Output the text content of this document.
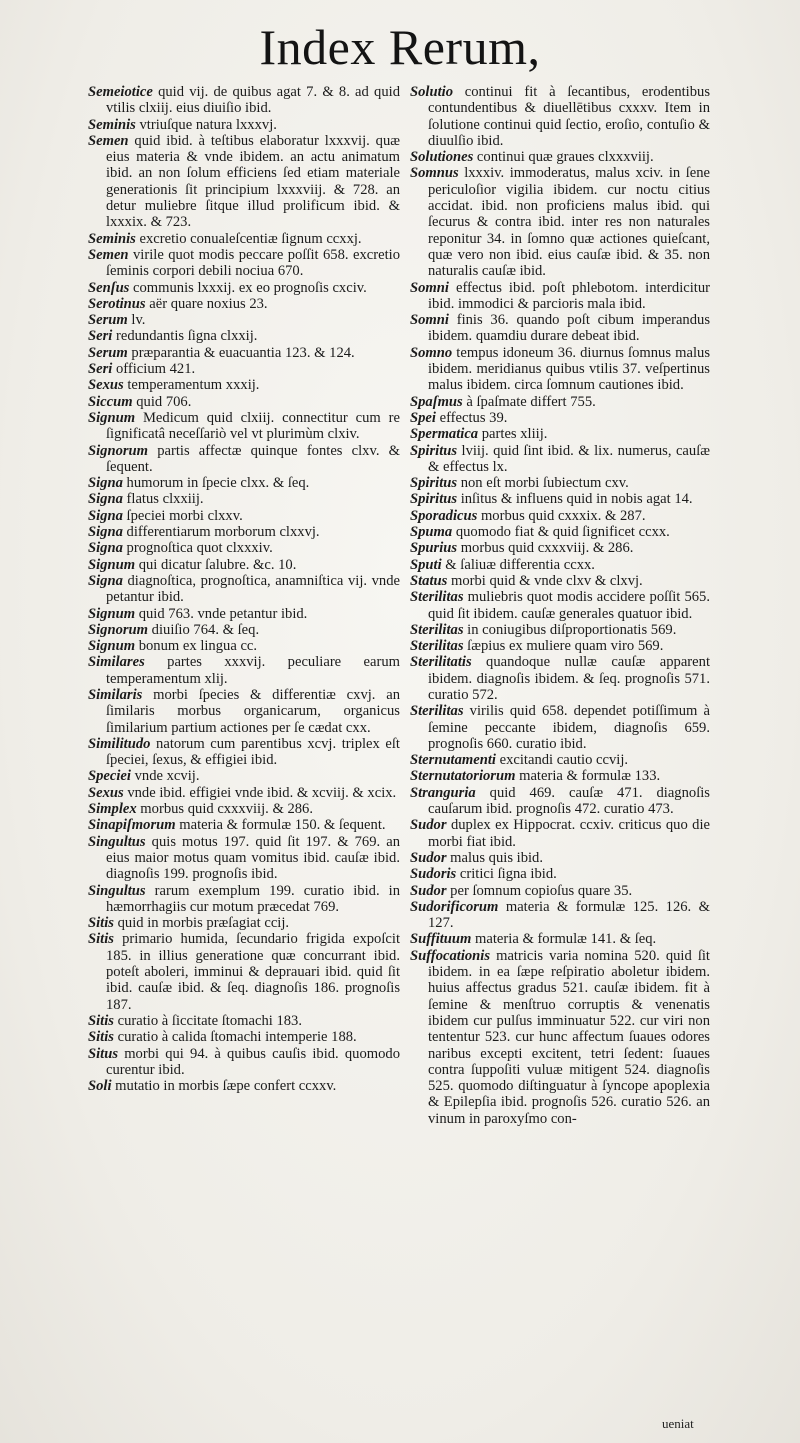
Index Rerum,

Semeiotice quid vij. de quibus agat 7. & 8. ad quid vtilis clxiij. eius diuiſio ibid.

Seminis vtriuſque natura lxxxvj.

Semen quid ibid. à teſtibus elaboratur lxxxvij. quæ eius materia & vnde ibidem. an actu animatum ibid. an non ſolum efficiens ſed etiam materiale generationis ſit principium lxxxviij. & 728. an detur muliebre ſitque illud prolificum ibid. & lxxxix. & 723.

Seminis excretio conualeſcentiæ ſignum ccxxj.

Semen virile quot modis peccare poſſit 658. excretio ſeminis corpori debili nociua 670.

Senſus communis lxxxij. ex eo prognoſis cxciv.

Serotinus aër quare noxius 23.

Serum lv.

Seri redundantis ſigna clxxij.

Serum præparantia & euacuantia 123. & 124.

Seri officium 421.

Sexus temperamentum xxxij.

Siccum quid 706.

Signum Medicum quid clxiij. connectitur cum re ſignificatâ neceſſariò vel vt plurimùm clxiv.

Signorum partis affectæ quinque fontes clxv. & ſequent.

Signa humorum in ſpecie clxx. & ſeq.

Signa flatus clxxiij.

Signa ſpeciei morbi clxxv.

Signa differentiarum morborum clxxvj.

Signa prognoſtica quot clxxxiv.

Signum qui dicatur ſalubre. &c. 10.

Signa diagnoſtica, prognoſtica, anamniſtica vij. vnde petantur ibid.

Signum quid 763. vnde petantur ibid.

Signorum diuiſio 764. & ſeq.

Signum bonum ex lingua cc.

Similares partes xxxvij. peculiare earum temperamentum xlij.

Similaris morbi ſpecies & differentiæ cxvj. an ſimilaris morbus organicarum, organicus ſimilarium partium actiones per ſe cædat cxx.

Similitudo natorum cum parentibus xcvj. triplex eſt ſpeciei, ſexus, & effigiei ibid.

Speciei vnde xcvij.

Sexus vnde ibid. effigiei vnde ibid. & xcviij. & xcix.

Simplex morbus quid cxxxviij. & 286.

Sinapiſmorum materia & formulæ 150. & ſequent.

Singultus quis motus 197. quid ſit 197. & 769. an eius maior motus quam vomitus ibid. cauſæ ibid. diagnoſis 199. prognoſis ibid.

Singultus rarum exemplum 199. curatio ibid. in hæmorrhagiis cur motum præcedat 769.

Sitis quid in morbis præſagiat ccij.

Sitis primario humida, ſecundario frigida expoſcit 185. in illius generatione quæ concurrant ibid. poteſt aboleri, imminui & deprauari ibid. quid ſit ibid. cauſæ ibid. & ſeq. diagnoſis 186. prognoſis 187.

Sitis curatio à ſiccitate ſtomachi 183.

Sitis curatio à calida ſtomachi intemperie 188.

Situs morbi qui 94. à quibus cauſis ibid. quomodo curentur ibid.

Soli mutatio in morbis ſæpe confert ccxxv.

Solutio continui fit à ſecantibus, erodentibus contundentibus & diuellētibus cxxxv. Item in ſolutione continui quid ſectio, eroſio, contuſio & diuulſio ibid.

Solutiones continui quæ graues clxxxviij.

Somnus lxxxiv. immoderatus, malus xciv. in ſene periculoſior vigilia ibidem. cur noctu citius accidat. ibid. non proficiens malus ibid. qui ſecurus & contra ibid. inter res non naturales reponitur 34. in ſomno quæ actiones quieſcant, quæ vero non ibid. eius cauſæ ibid. & 35. non naturalis cauſæ ibid.

Somni effectus ibid. poſt phlebotom. interdicitur ibid. immodici & parcioris mala ibid.

Somni finis 36. quando poſt cibum imperandus ibidem. quamdiu durare debeat ibid.

Somno tempus idoneum 36. diurnus ſomnus malus ibidem. meridianus quibus vtilis 37. veſpertinus malus ibidem. circa ſomnum cautiones ibid.

Spaſmus à ſpaſmate differt 755.

Spei effectus 39.

Spermatica partes xliij.

Spiritus lviij. quid ſint ibid. & lix. numerus, cauſæ & effectus lx.

Spiritus non eſt morbi ſubiectum cxv.

Spiritus inſitus & influens quid in nobis agat 14.

Sporadicus morbus quid cxxxix. & 287.

Spuma quomodo fiat & quid ſignificet ccxx.

Spurius morbus quid cxxxviij. & 286.

Sputi & ſaliuæ differentia ccxx.

Status morbi quid & vnde clxv & clxvj.

Sterilitas muliebris quot modis accidere poſſit 565. quid ſit ibidem. cauſæ generales quatuor ibid.

Sterilitas in coniugibus diſproportionatis 569.

Sterilitas ſæpius ex muliere quam viro 569.

Sterilitatis quandoque nullæ cauſæ apparent ibidem. diagnoſis ibidem. & ſeq. prognoſis 571. curatio 572.

Sterilitas virilis quid 658. dependet potiſſimum à ſemine peccante ibidem, diagnoſis 659. prognoſis 660. curatio ibid.

Sternutamenti excitandi cautio ccvij.

Sternutatoriorum materia & formulæ 133.

Stranguria quid 469. cauſæ 471. diagnoſis cauſarum ibid. prognoſis 472. curatio 473.

Sudor duplex ex Hippocrat. ccxiv. criticus quo die morbi fiat ibid.

Sudor malus quis ibid.

Sudoris critici ſigna ibid.

Sudor per ſomnum copioſus quare 35.

Sudorificorum materia & formulæ 125. 126. & 127.

Suffituum materia & formulæ 141. & ſeq.

Suffocationis matricis varia nomina 520. quid ſit ibidem. in ea ſæpe reſpiratio aboletur ibidem. huius affectus gradus 521. cauſæ ibidem. fit à ſemine & menſtruo corruptis & venenatis ibidem cur pulſus imminuatur 522. cur viri non tententur 523. cur hunc affectum ſuaues odores naribus excepti excitent, tetri ſedent: ſuaues contra ſuppoſiti vuluæ mitigent 524. diagnoſis 525. quomodo diſtinguatur à ſyncope apoplexia & Epilepſia ibid. prognoſis 526. curatio 526. an vinum in paroxyſmo con-

ueniat
